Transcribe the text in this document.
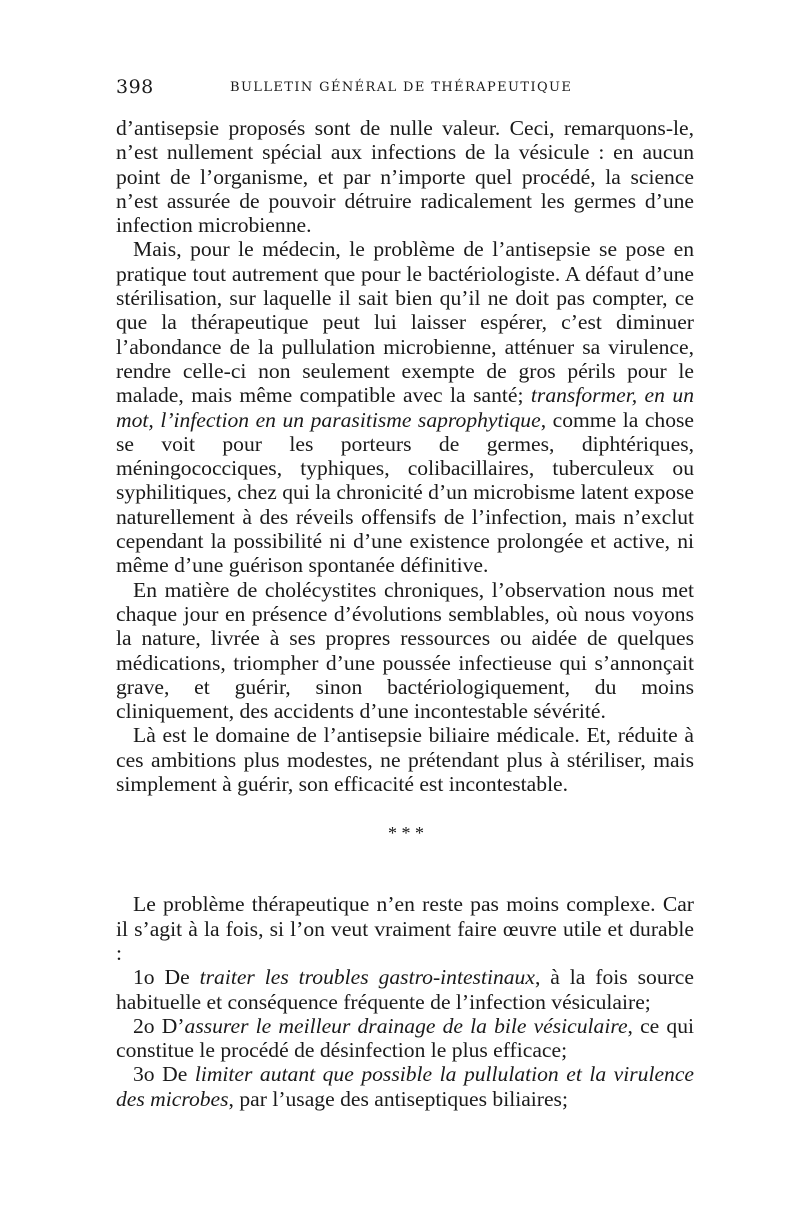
398	BULLETIN GÉNÉRAL DE THÉRAPEUTIQUE

d’antisepsie proposés sont de nulle valeur. Ceci, remarquons-le, n’est nullement spécial aux infections de la vésicule : en aucun point de l’organisme, et par n’importe quel procédé, la science n’est assurée de pouvoir détruire radicalement les germes d’une infection microbienne.

Mais, pour le médecin, le problème de l’antisepsie se pose en pratique tout autrement que pour le bactériologiste. A défaut d’une stérilisation, sur laquelle il sait bien qu’il ne doit pas compter, ce que la thérapeutique peut lui laisser espérer, c’est diminuer l’abondance de la pullulation microbienne, atténuer sa virulence, rendre celle-ci non seulement exempte de gros périls pour le malade, mais même compatible avec la santé; transformer, en un mot, l’infection en un parasitisme saprophytique, comme la chose se voit pour les porteurs de germes, diphtériques, méningococciques, typhiques, colibacillaires, tuberculeux ou syphilitiques, chez qui la chronicité d’un microbisme latent expose naturellement à des réveils offensifs de l’infection, mais n’exclut cependant la possibilité ni d’une existence prolongée et active, ni même d’une guérison spontanée définitive.

En matière de cholécystites chroniques, l’observation nous met chaque jour en présence d’évolutions semblables, où nous voyons la nature, livrée à ses propres ressources ou aidée de quelques médications, triompher d’une poussée infectieuse qui s’annonçait grave, et guérir, sinon bactériologiquement, du moins cliniquement, des accidents d’une incontestable sévérité.

Là est le domaine de l’antisepsie biliaire médicale. Et, réduite à ces ambitions plus modestes, ne prétendant plus à stériliser, mais simplement à guérir, son efficacité est incontestable.

* * *

Le problème thérapeutique n’en reste pas moins complexe. Car il s’agit à la fois, si l’on veut vraiment faire œuvre utile et durable :

1o De traiter les troubles gastro-intestinaux, à la fois source habituelle et conséquence fréquente de l’infection vésiculaire;

2o D’assurer le meilleur drainage de la bile vésiculaire, ce qui constitue le procédé de désinfection le plus efficace;

3o De limiter autant que possible la pullulation et la virulence des microbes, par l’usage des antiseptiques biliaires;
